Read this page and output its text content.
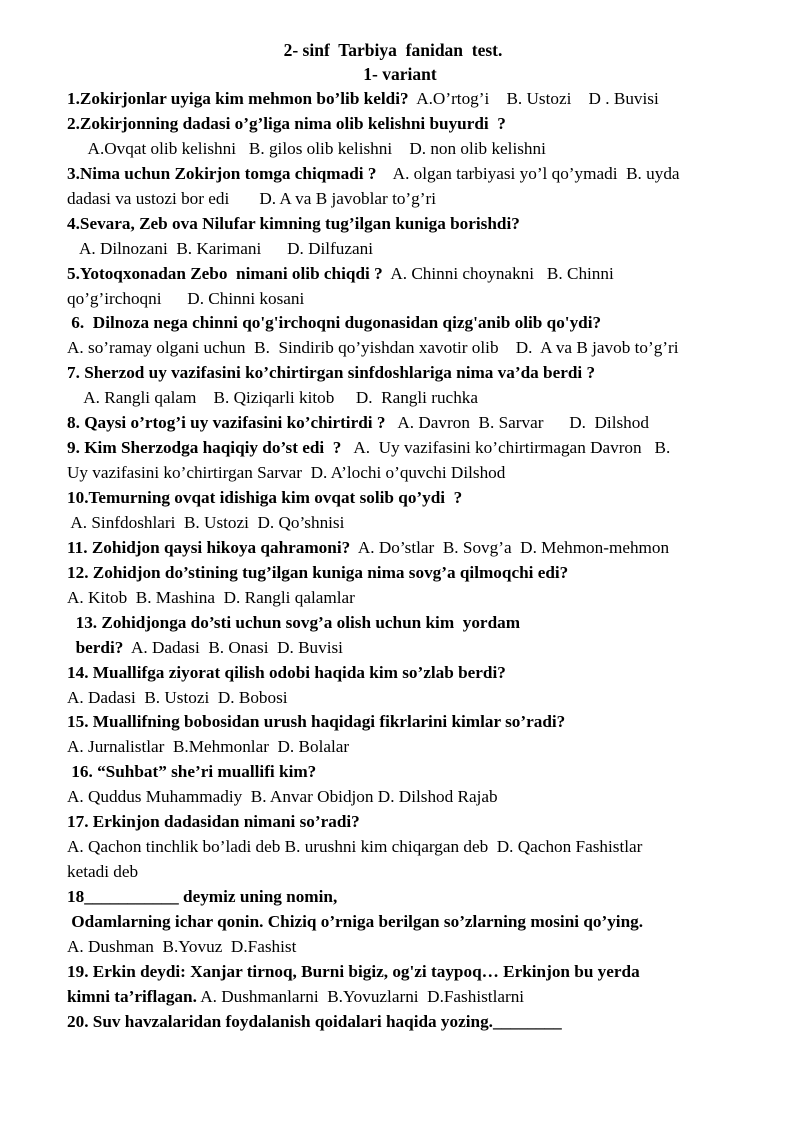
2- sinf  Tarbiya  fanidan  test.
1- variant
1.Zokirjonlar uyiga kim mehmon bo’lib keldi?  A.O’rtog’i    B. Ustozi    D . Buvisi
2.Zokirjonning dadasi o’g’liga nima olib kelishni buyurdi  ?
A.Ovqat olib kelishni   B. gilos olib kelishni    D. non olib kelishni
3.Nima uchun Zokirjon tomga chiqmadi ?    A. olgan tarbiyasi yo’l qo’ymadi  B. uyda
dadasi va ustozi bor edi       D. A va B javoblar to’g’ri
4.Sevara, Zeb ova Nilufar kimning tug’ilgan kuniga borishdi?
A. Dilnozani  B. Karimani      D. Dilfuzani
5.Yotoqxonadan Zebo  nimani olib chiqdi ?  A. Chinni choynakni   B. Chinni
qo’g’irchoqni      D. Chinni kosani
6.  Dilnoza nega chinni qo'g'irchoqni dugonasidan qizg'anib olib qo'ydi?
A. so’ramay olgani uchun  B.  Sindirib qo’yishdan xavotir olib    D.  A va B javob to’g’ri
7. Sherzod uy vazifasini ko’chirtirgan sinfdoshlariga nima va’da berdi ?
A. Rangli qalam    B. Qiziqarli kitob     D.  Rangli ruchka
8. Qaysi o’rtog’i uy vazifasini ko’chirtirdi ?   A. Davron  B. Sarvar      D.  Dilshod
9. Kim Sherzodga haqiqiy do’st edi  ?   A.  Uy vazifasini ko’chirtirmagan Davron   B.
Uy vazifasini ko’chirtirgan Sarvar  D. A’lochi o’quvchi Dilshod
10.Temurning ovqat idishiga kim ovqat solib qo’ydi  ?
A. Sinfdoshlari  B. Ustozi  D. Qo’shnisi
11. Zohidjon qaysi hikoya qahramoni?  A. Do’stlar  B. Sovg’a  D. Mehmon-mehmon
12. Zohidjon do’stining tug’ilgan kuniga nima sovg’a qilmoqchi edi?
A. Kitob  B. Mashina  D. Rangli qalamlar
13. Zohidjonga do’sti uchun sovg’a olish uchun kim  yordam
berdi?  A. Dadasi  B. Onasi  D. Buvisi
14. Muallifga ziyorat qilish odobi haqida kim so’zlab berdi?
A. Dadasi  B. Ustozi  D. Bobosi
15. Muallifning bobosidan urush haqidagi fikrlarini kimlar so’radi?
A. Jurnalistlar  B.Mehmonlar  D. Bolalar
16. “Suhbat” she’ri muallifi kim?
A. Quddus Muhammadiy  B. Anvar Obidjon D. Dilshod Rajab
17. Erkinjon dadasidan nimani so’radi?
A. Qachon tinchlik bo’ladi deb B. urushni kim chiqargan deb  D. Qachon Fashistlar
ketadi deb
18___________ deymiz uning nomin,
Odamlarning ichar qonin. Chiziq o’rniga berilgan so’zlarning mosini qo’ying.
A. Dushman  B.Yovuz  D.Fashist
19. Erkin deydi: Xanjar tirnoq, Burni bigiz, og'zi taypoq… Erkinjon bu yerda
kimni ta’riflagan. A. Dushmanlarni  B.Yovuzlarni  D.Fashistlarni
20. Suv havzalaridan foydalanish qoidalari haqida yozing.________
